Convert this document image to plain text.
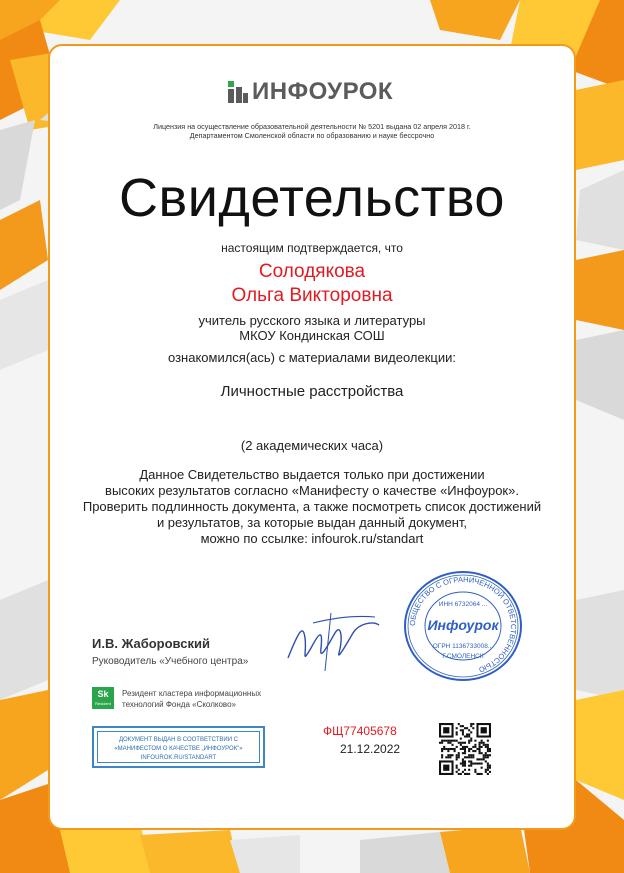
ИНФОУРОК
Лицензия на осуществление образовательной деятельности № 5201 выдана 02 апреля 2018 г.
Департаментом Смоленской области по образованию и науке бессрочно
Свидетельство
настоящим подтверждается, что
Солодякова
Ольга Викторовна
учитель русского языка и литературы
МКОУ Кондинская СОШ
ознакомился(ась) с материалами видеолекции:
Личностные расстройства
(2 академических часа)
Данное Свидетельство выдается только при достижении
высоких результатов согласно «Манифесту о качестве «Инфоурок».
Проверить подлинность документа, а также посмотреть список достижений
и результатов, за которые выдан данный документ,
можно по ссылке: infourok.ru/standart
И.В. Жаборовский
Руководитель «Учебного центра»
Sk
Resident
Резидент кластера информационных
технологий Фонда «Сколково»
ДОКУМЕНТ ВЫДАН В СООТВЕТСТВИИ С
«МАНИФЕСТОМ О КАЧЕСТВЕ „ИНФОУРОК"»
INFOUROK.RU/STANDART
ФЩ77405678
21.12.2022
ОБЩЕСТВО С ОГРАНИЧЕННОЙ ОТВЕТСТВЕННОСТЬЮ
Инфоурок
ИНН 6732064 ...
ОГРН 1136733008...
Г.СМОЛЕНСК
